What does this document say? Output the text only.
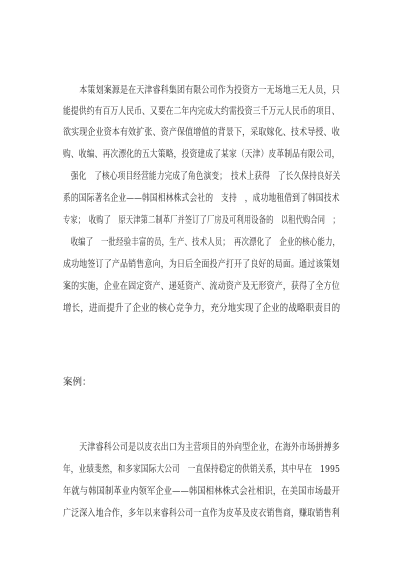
　　本策划案源是在天津睿科集团有限公司作为投资方一无场地三无人员，只
能提供约有百万人民币、又要在二年内完成大约需投资三千万元人民币的项目、
欲实现企业资本有效扩张、资产保值增值的背景下，采取嫁化、技术导授、收
购、收编、再次漂化的五大策略，投资建成了某家（天津）皮革制品有限公司，
　强化　了核心项目经营能力完成了角色演变；　技术上获得　了长久保持良好关
系的国际著名企业——韩国相林株式会社的　支持　，成功地租借到了韩国技术
专家；　收购了　原天津第二制革厂并签订了厂房及可利用设备的　以租代购合同　；
　收编了　一批经验丰富的员，生产、技术人员；　再次漂化了　企业的核心能力，
成功地签订了产品销售意向，为日后全面投产打开了良好的局面。通过该策划
案的实施，企业在固定资产、递延资产、流动资产及无形资产，获得了全方位
增长，进而提升了企业的核心竞争力，充分地实现了企业的战略职责目的
案例：
　　天津睿科公司是以皮衣出口为主营项目的外向型企业，在海外市场拼搏多
年，业绩斐然，和多家国际大公司　一直保持稳定的供销关系，其中早在　1995
年就与韩国制革业内领军企业——韩国相林株式会社相识，在美国市场最开
广泛深入地合作，多年以来睿科公司一直作为皮革及皮衣销售商，赚取销售利
